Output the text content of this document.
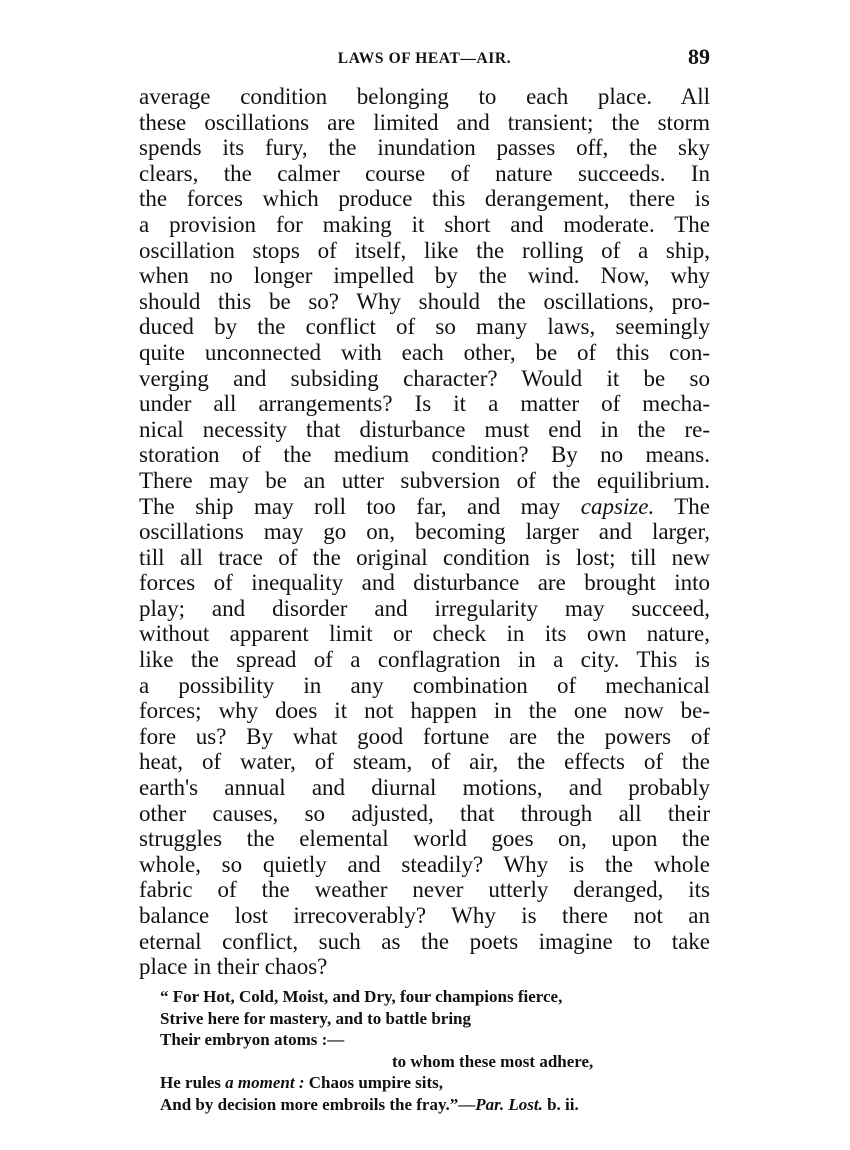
LAWS OF HEAT—AIR.	89
average condition belonging to each place. All
these oscillations are limited and transient; the storm
spends its fury, the inundation passes off, the sky
clears, the calmer course of nature succeeds. In
the forces which produce this derangement, there is
a provision for making it short and moderate. The
oscillation stops of itself, like the rolling of a ship,
when no longer impelled by the wind. Now, why
should this be so? Why should the oscillations, pro-
duced by the conflict of so many laws, seemingly
quite unconnected with each other, be of this con-
verging and subsiding character? Would it be so
under all arrangements? Is it a matter of mecha-
nical necessity that disturbance must end in the re-
storation of the medium condition? By no means.
There may be an utter subversion of the equilibrium.
The ship may roll too far, and may capsize. The
oscillations may go on, becoming larger and larger,
till all trace of the original condition is lost; till new
forces of inequality and disturbance are brought into
play; and disorder and irregularity may succeed,
without apparent limit or check in its own nature,
like the spread of a conflagration in a city. This is
a possibility in any combination of mechanical
forces; why does it not happen in the one now be-
fore us? By what good fortune are the powers of
heat, of water, of steam, of air, the effects of the
earth's annual and diurnal motions, and probably
other causes, so adjusted, that through all their
struggles the elemental world goes on, upon the
whole, so quietly and steadily? Why is the whole
fabric of the weather never utterly deranged, its
balance lost irrecoverably? Why is there not an
eternal conflict, such as the poets imagine to take
place in their chaos?
“ For Hot, Cold, Moist, and Dry, four champions fierce,
Strive here for mastery, and to battle bring
Their embryon atoms :—
to whom these most adhere,
He rules a moment : Chaos umpire sits,
And by decision more embroils the fray.”—Par. Lost. b. ii.
